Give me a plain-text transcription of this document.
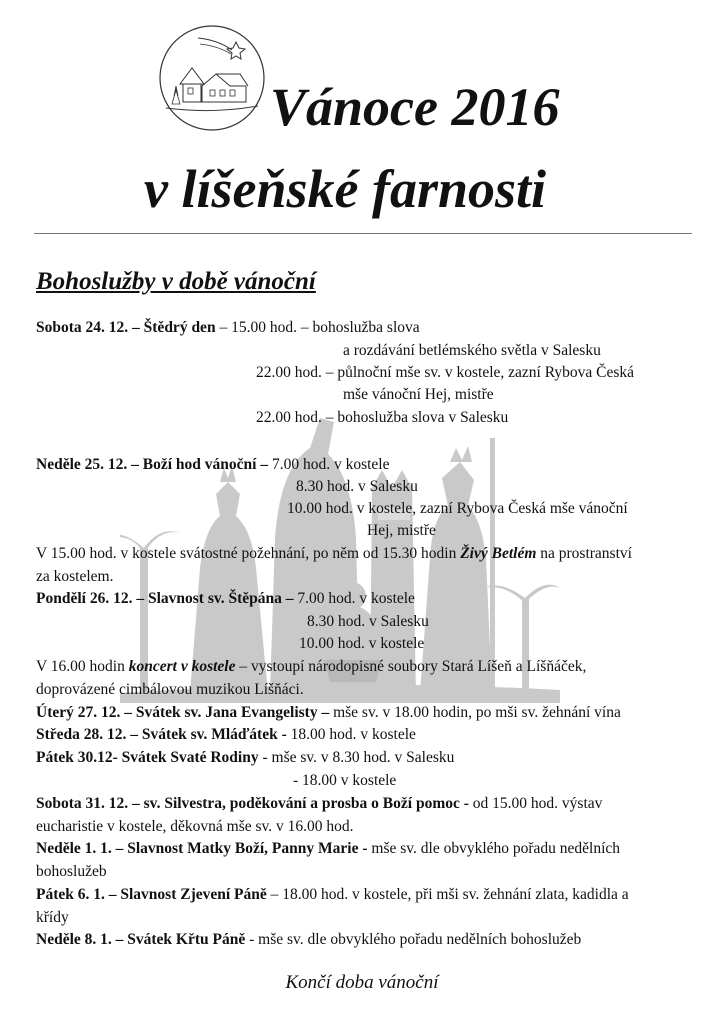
Vánoce 2016
v líšeňské farnosti
Bohoslužby v době vánoční
Sobota 24. 12. – Štědrý den – 15.00 hod. – bohoslužba slova
a rozdávání betlémského světla v Salesku
22.00 hod. – půlnoční mše sv. v kostele, zazní Rybova Česká
mše vánoční Hej, mistře
22.00 hod. – bohoslužba slova v Salesku
Neděle 25. 12. – Boží hod vánoční – 7.00 hod. v kostele
8.30 hod. v Salesku
10.00 hod. v kostele, zazní Rybova Česká mše vánoční
Hej, mistře
V 15.00 hod. v kostele svátostné požehnání, po něm od 15.30 hodin Živý Betlém na prostranství
za kostelem.
Pondělí 26. 12. – Slavnost sv. Štěpána – 7.00 hod. v kostele
8.30 hod. v Salesku
10.00 hod. v kostele
V 16.00 hodin koncert v kostele – vystoupí národopisné soubory Stará Líšeň a Líšňáček,
doprovázené cimbálovou muzikou Líšňáci.
Úterý 27. 12. – Svátek sv. Jana Evangelisty – mše sv. v 18.00 hodin, po mši sv. žehnání vína
Středa 28. 12. – Svátek sv. Mláďátek - 18.00 hod. v kostele
Pátek 30.12- Svátek Svaté Rodiny - mše sv. v 8.30 hod. v Salesku
- 18.00 v kostele
Sobota 31. 12. – sv. Silvestra, poděkování a prosba o Boží pomoc - od 15.00 hod. výstav
eucharistie v kostele, děkovná mše sv. v 16.00 hod.
Neděle 1. 1. – Slavnost Matky Boží, Panny Marie - mše sv. dle obvyklého pořadu nedělních
bohoslužeb
Pátek 6. 1. – Slavnost Zjevení Páně – 18.00 hod. v kostele, při mši sv. žehnání zlata, kadidla a
křídy
Neděle 8. 1. – Svátek Křtu Páně - mše sv. dle obvyklého pořadu nedělních bohoslužeb
Končí doba vánoční
